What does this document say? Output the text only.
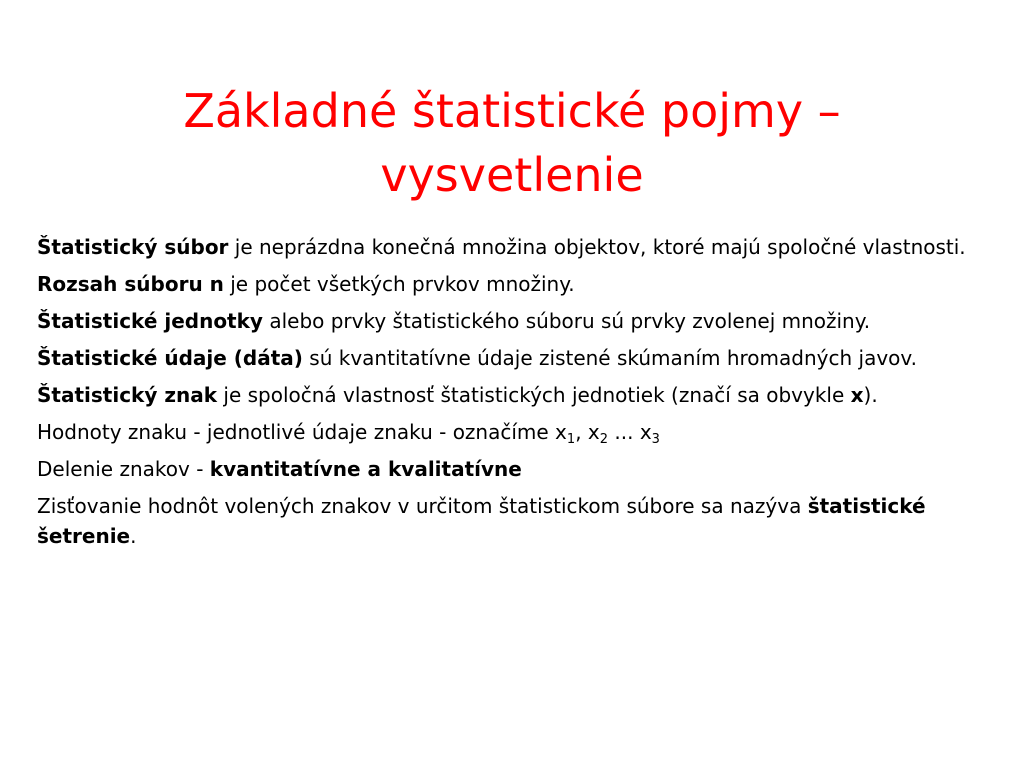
Základné štatistické pojmy –
vysvetlenie

Štatistický súbor je neprázdna konečná množina objektov, ktoré majú spoločné vlastnosti.

Rozsah súboru n je počet všetkých prvkov množiny.

Štatistické jednotky alebo prvky štatistického súboru sú prvky zvolenej množiny.

Štatistické údaje (dáta) sú kvantitatívne údaje zistené skúmaním hromadných javov.

Štatistický znak je spoločná vlastnosť štatistických jednotiek (značí sa obvykle x).

Hodnoty znaku - jednotlivé údaje znaku - označíme $x_1$, $x_2$ ... $x_3$

Delenie znakov - kvantitatívne a kvalitatívne

Zisťovanie hodnôt volených znakov v určitom štatistickom súbore sa nazýva štatistické šetrenie.
